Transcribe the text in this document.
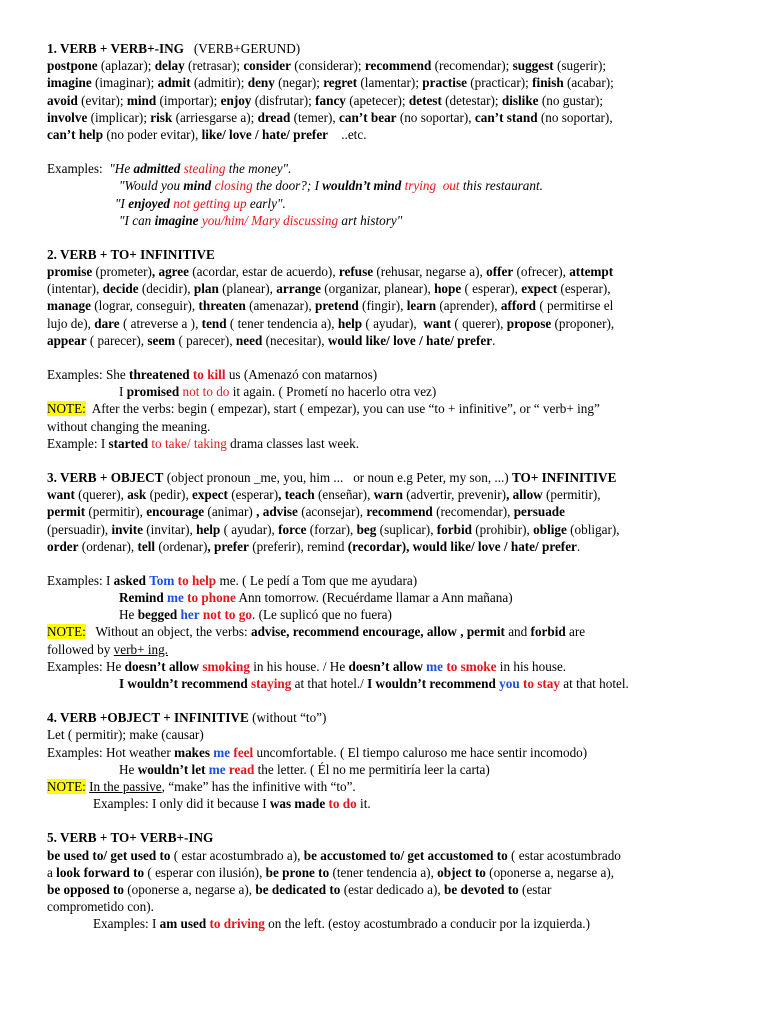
1. VERB + VERB+-ING   (VERB+GERUND)
postpone (aplazar); delay (retrasar); consider (considerar); recommend (recomendar); suggest (sugerir);
imagine (imaginar); admit (admitir); deny (negar); regret (lamentar); practise (practicar); finish (acabar);
avoid (evitar); mind (importar); enjoy (disfrutar); fancy (apetecer); detest (detestar); dislike (no gustar);
involve (implicar); risk (arriesgarse a); dread (temer), can’t bear (no soportar), can’t stand (no soportar),
can’t help (no poder evitar), like/ love / hate/ prefer    ..etc.
Examples:  "He admitted stealing the money".
"Would you mind closing the door?; I wouldn’t mind trying  out this restaurant.
"I enjoyed not getting up early".
"I can imagine you/him/ Mary discussing art history"
2. VERB + TO+ INFINITIVE
promise (prometer), agree (acordar, estar de acuerdo), refuse (rehusar, negarse a), offer (ofrecer), attempt
(intentar), decide (decidir), plan (planear), arrange (organizar, planear), hope ( esperar), expect (esperar),
manage (lograr, conseguir), threaten (amenazar), pretend (fingir), learn (aprender), afford ( permitirse el
lujo de), dare ( atreverse a ), tend ( tener tendencia a), help ( ayudar),  want ( querer), propose (proponer),
appear ( parecer), seem ( parecer), need (necesitar), would like/ love / hate/ prefer.
Examples: She threatened to kill us (Amenazó con matarnos)
I promised not to do it again. ( Prometí no hacerlo otra vez)
NOTE:  After the verbs: begin ( empezar), start ( empezar), you can use “to + infinitive”, or “ verb+ ing”
without changing the meaning.
Example: I started to take/ taking drama classes last week.
3. VERB + OBJECT (object pronoun _me, you, him ...   or noun e.g Peter, my son, ...) TO+ INFINITIVE
want (querer), ask (pedir), expect (esperar), teach (enseñar), warn (advertir, prevenir), allow (permitir),
permit (permitir), encourage (animar) , advise (aconsejar), recommend (recomendar), persuade
(persuadir), invite (invitar), help ( ayudar), force (forzar), beg (suplicar), forbid (prohibir), oblige (obligar),
order (ordenar), tell (ordenar), prefer (preferir), remind (recordar), would like/ love / hate/ prefer.
Examples: I asked Tom to help me. ( Le pedí a Tom que me ayudara)
Remind me to phone Ann tomorrow. (Recuérdame llamar a Ann mañana)
He begged her not to go. (Le suplicó que no fuera)
NOTE:   Without an object, the verbs: advise, recommend encourage, allow , permit and forbid are
followed by verb+ ing.
Examples: He doesn’t allow smoking in his house. / He doesn’t allow me to smoke in his house.
I wouldn’t recommend staying at that hotel./ I wouldn’t recommend you to stay at that hotel.
4. VERB +OBJECT + INFINITIVE (without “to”)
Let ( permitir); make (causar)
Examples: Hot weather makes me feel uncomfortable. ( El tiempo caluroso me hace sentir incomodo)
He wouldn’t let me read the letter. ( Él no me permitiría leer la carta)
NOTE: In the passive, “make” has the infinitive with “to”.
Examples: I only did it because I was made to do it.
5. VERB + TO+ VERB+-ING
be used to/ get used to ( estar acostumbrado a), be accustomed to/ get accustomed to ( estar acostumbrado
a look forward to ( esperar con ilusión), be prone to (tener tendencia a), object to (oponerse a, negarse a),
be opposed to (oponerse a, negarse a), be dedicated to (estar dedicado a), be devoted to (estar
comprometido con).
Examples: I am used to driving on the left. (estoy acostumbrado a conducir por la izquierda.)
